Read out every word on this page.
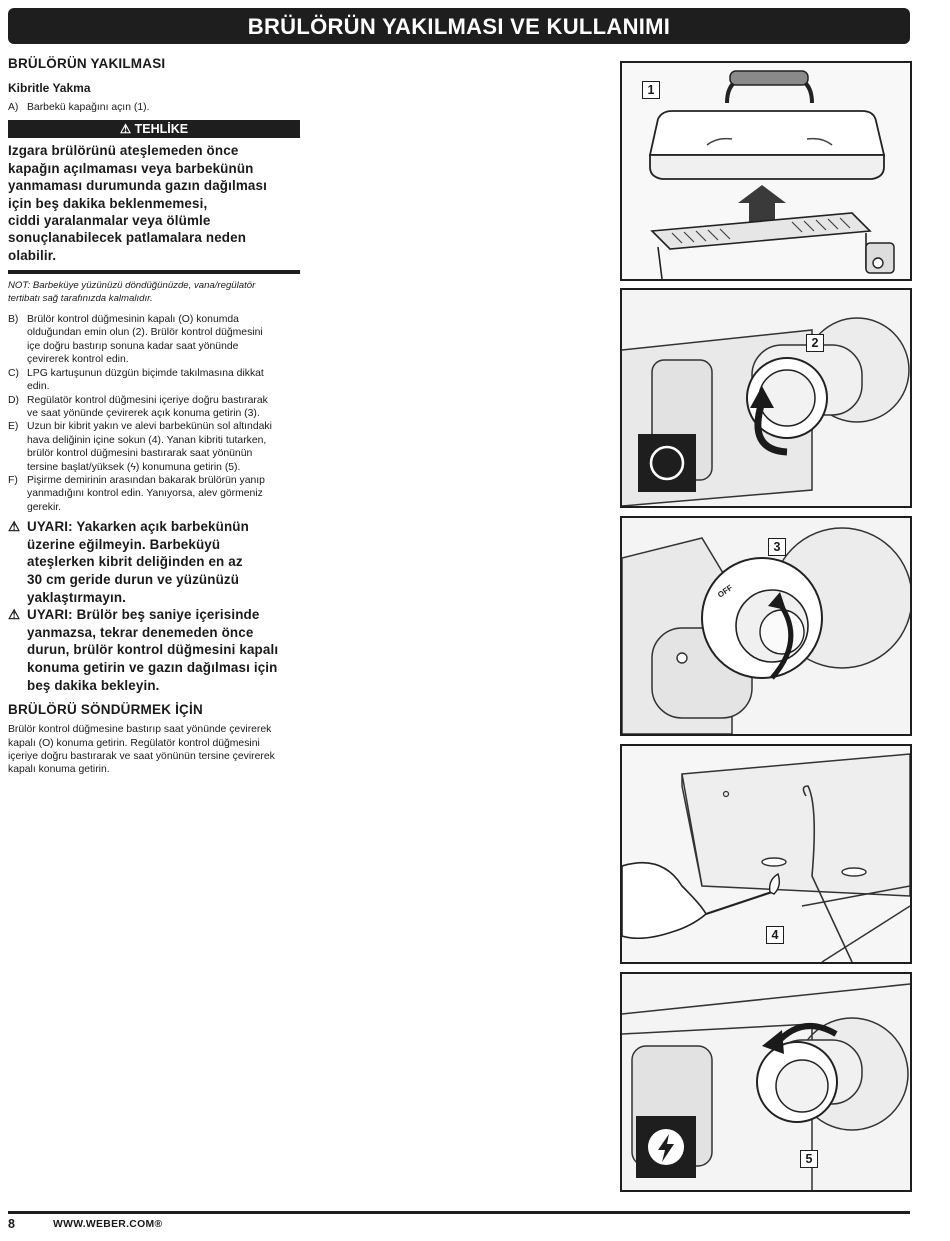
BRÜLÖRÜN YAKILMASI VE KULLANIMI
BRÜLÖRÜN YAKILMASI
Kibritle Yakma

A) Barbekü kapağını açın (1).

⚠ TEHLİKE

Izgara brülörünü ateşlemeden önce
kapağın açılmaması veya barbekünün
yanmaması durumunda gazın dağılması
için beş dakika beklenmemesi,
ciddi yaralanmalar veya ölümle
sonuçlanabilecek patlamalara neden
olabilir.

NOT: Barbeküye yüzünüzü döndüğünüzde, vana/regülatör
tertibatı sağ tarafınızda kalmalıdır.

B) Brülör kontrol düğmesinin kapalı (O) konumda
olduğundan emin olun (2). Brülör kontrol düğmesini
içe doğru bastırıp sonuna kadar saat yönünde
çevirerek kontrol edin.

C) LPG kartuşunun düzgün biçimde takılmasına dikkat
edin.

D) Regülatör kontrol düğmesini içeriye doğru bastırarak
ve saat yönünde çevirerek açık konuma getirin (3).

E) Uzun bir kibrit yakın ve alevi barbekünün sol altındaki
hava deliğinin içine sokun (4). Yanan kibriti tutarken,
brülör kontrol düğmesini bastırarak saat yönünün
tersine başlat/yüksek (ϟ) konumuna getirin (5).

F) Pişirme demirinin arasından bakarak brülörün yanıp
yanmadığını kontrol edin. Yanıyorsa, alev görmeniz
gerekir.

⚠ UYARI: Yakarken açık barbekünün
üzerine eğilmeyin. Barbeküyü
ateşlerken kibrit deliğinden en az
30 cm geride durun ve yüzünüzü
yaklaştırmayın.

⚠ UYARI: Brülör beş saniye içerisinde
yanmazsa, tekrar denemeden önce
durun, brülör kontrol düğmesini kapalı
konuma getirin ve gazın dağılması için
beş dakika bekleyin.

BRÜLÖRÜ SÖNDÜRMEK İÇİN

Brülör kontrol düğmesine bastırıp saat yönünde çevirerek
kapalı (O) konuma getirin. Regülatör kontrol düğmesini
içeriye doğru bastırarak ve saat yönünün tersine çevirerek
kapalı konuma getirin.

1
2
OFF
3
4
5
8	WWW.WEBER.COM®
